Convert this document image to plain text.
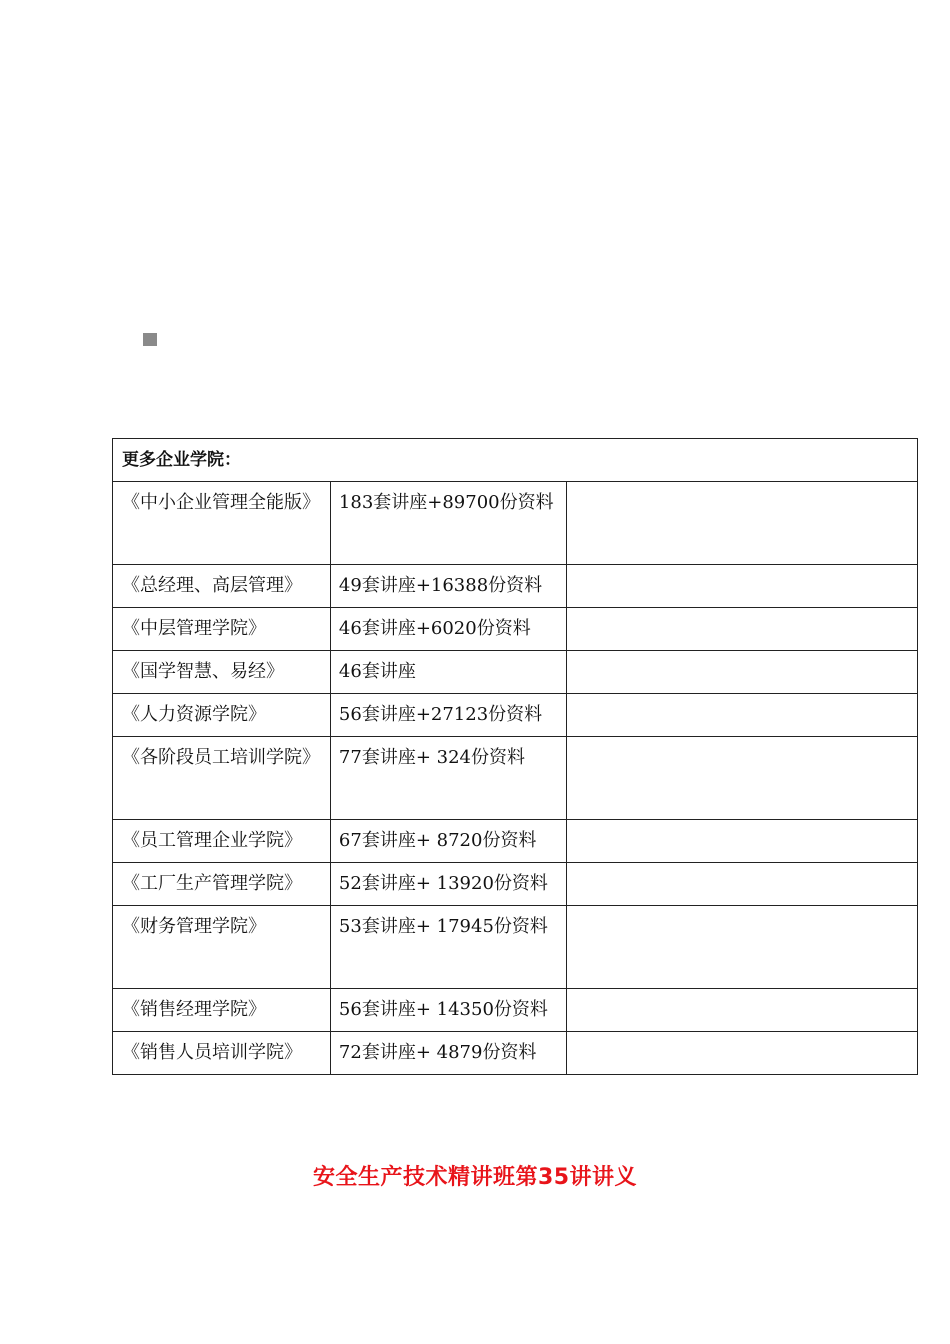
更多企业学院：		
《中小企业管理全能版》	183套讲座+89700份资料	
《总经理、高层管理》	49套讲座+16388份资料	
《中层管理学院》	46套讲座+6020份资料	
《国学智慧、易经》	46套讲座	
《人力资源学院》	56套讲座+27123份资料	
《各阶段员工培训学院》	77套讲座+ 324份资料	
《员工管理企业学院》	67套讲座+ 8720份资料	
《工厂生产管理学院》	52套讲座+ 13920份资料	
《财务管理学院》	53套讲座+ 17945份资料	
《销售经理学院》	56套讲座+ 14350份资料	
《销售人员培训学院》	72套讲座+ 4879份资料	
安全生产技术精讲班第35讲讲义
